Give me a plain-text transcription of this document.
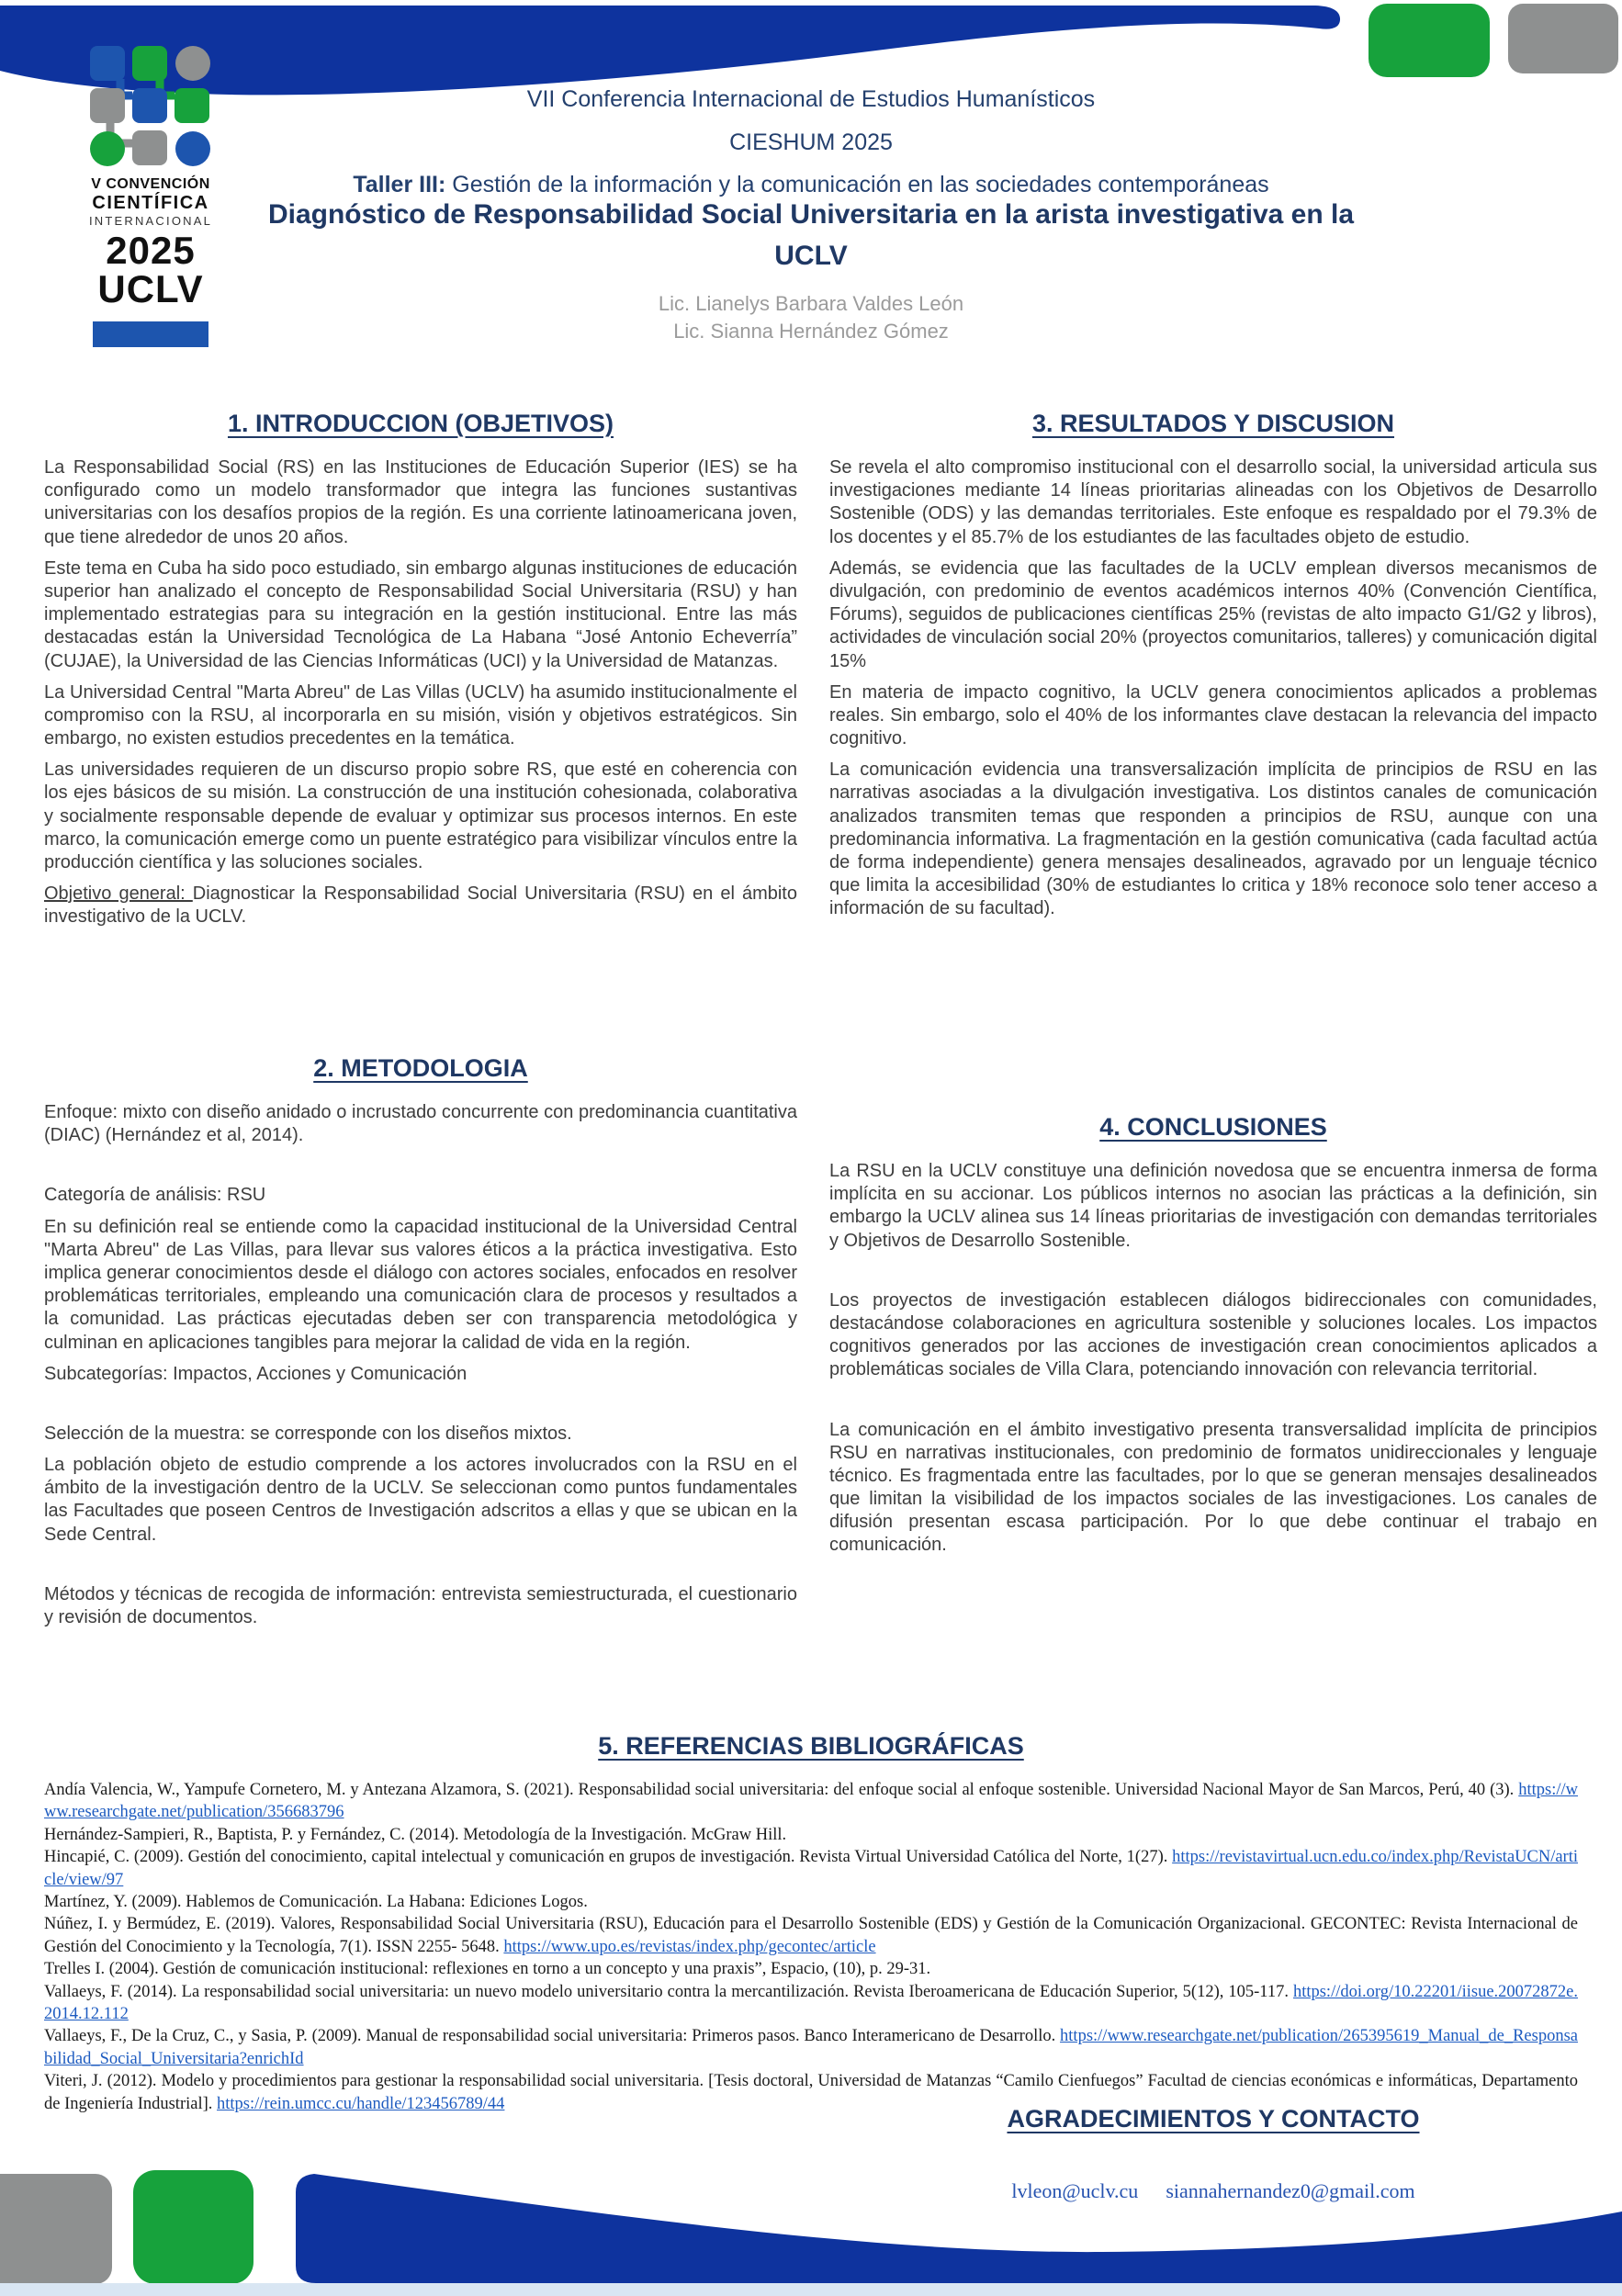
V CONVENCIÓN
CIENTÍFICA
INTERNACIONAL
2025
UCLV
VII Conferencia Internacional de Estudios Humanísticos
CIESHUM 2025
Taller III: Gestión de la información y la comunicación en las sociedades contemporáneas
Diagnóstico de Responsabilidad Social Universitaria en la arista investigativa en la
UCLV
Lic. Lianelys Barbara Valdes León
Lic. Sianna Hernández Gómez
1. INTRODUCCION (OBJETIVOS)

La Responsabilidad Social (RS) en las Instituciones de Educación Superior (IES) se ha configurado como un modelo transformador que integra las funciones sustantivas universitarias con los desafíos propios de la región. Es una corriente latinoamericana joven, que tiene alrededor de unos 20 años.

Este tema en Cuba ha sido poco estudiado, sin embargo algunas instituciones de educación superior han analizado el concepto de Responsabilidad Social Universitaria (RSU) y han implementado estrategias para su integración en la gestión institucional. Entre las más destacadas están la Universidad Tecnológica de La Habana “José Antonio Echeverría” (CUJAE), la Universidad de las Ciencias Informáticas (UCI) y la Universidad de Matanzas.

La Universidad Central "Marta Abreu" de Las Villas (UCLV) ha asumido institucionalmente el compromiso con la RSU, al incorporarla en su misión, visión y objetivos estratégicos. Sin embargo, no existen estudios precedentes en la temática.

Las universidades requieren de un discurso propio sobre RS, que esté en coherencia con los ejes básicos de su misión. La construcción de una institución cohesionada, colaborativa y socialmente responsable depende de evaluar y optimizar sus procesos internos. En este marco, la comunicación emerge como un puente estratégico para visibilizar vínculos entre la producción científica y las soluciones sociales.

Objetivo general: Diagnosticar la Responsabilidad Social Universitaria (RSU) en el ámbito investigativo de la UCLV.

3. RESULTADOS Y DISCUSION

Se revela el alto compromiso institucional con el desarrollo social, la universidad articula sus investigaciones mediante 14 líneas prioritarias alineadas con los Objetivos de Desarrollo Sostenible (ODS) y las demandas territoriales. Este enfoque es respaldado por el 79.3% de los docentes y el 85.7% de los estudiantes de las facultades objeto de estudio.

Además, se evidencia que las facultades de la UCLV emplean diversos mecanismos de divulgación, con predominio de eventos académicos internos 40% (Convención Científica, Fórums), seguidos de publicaciones científicas 25% (revistas de alto impacto G1/G2 y libros), actividades de vinculación social 20% (proyectos comunitarios, talleres) y comunicación digital 15%

En materia de impacto cognitivo, la UCLV genera conocimientos aplicados a problemas reales. Sin embargo, solo el 40% de los informantes clave destacan la relevancia del impacto cognitivo.

La comunicación evidencia una transversalización implícita de principios de RSU en las narrativas asociadas a la divulgación investigativa. Los distintos canales de comunicación analizados transmiten temas que responden a principios de RSU, aunque con una predominancia informativa. La fragmentación en la gestión comunicativa (cada facultad actúa de forma independiente) genera mensajes desalineados, agravado por un lenguaje técnico que limita la accesibilidad (30% de estudiantes lo critica y 18% reconoce solo tener acceso a información de su facultad).

2. METODOLOGIA

Enfoque: mixto con diseño anidado o incrustado concurrente con predominancia cuantitativa (DIAC) (Hernández et al, 2014).

Categoría de análisis: RSU

En su definición real se entiende como la capacidad institucional de la Universidad Central "Marta Abreu" de Las Villas, para llevar sus valores éticos a la práctica investigativa. Esto implica generar conocimientos desde el diálogo con actores sociales, enfocados en resolver problemáticas territoriales, empleando una comunicación clara de procesos y resultados a la comunidad. Las prácticas ejecutadas deben ser con transparencia metodológica y culminan en aplicaciones tangibles para mejorar la calidad de vida en la región.

Subcategorías: Impactos, Acciones y Comunicación

Selección de la muestra: se corresponde con los diseños mixtos.

La población objeto de estudio comprende a los actores involucrados con la RSU en el ámbito de la investigación dentro de la UCLV. Se seleccionan como puntos fundamentales las Facultades que poseen Centros de Investigación adscritos a ellas y que se ubican en la Sede Central.

Métodos y técnicas de recogida de información: entrevista semiestructurada, el cuestionario y revisión de documentos.

4. CONCLUSIONES

La RSU en la UCLV constituye una definición novedosa que se encuentra inmersa de forma implícita en su accionar. Los públicos internos no asocian las prácticas a la definición, sin embargo la UCLV alinea sus 14 líneas prioritarias de investigación con demandas territoriales y Objetivos de Desarrollo Sostenible.

Los proyectos de investigación establecen diálogos bidireccionales con comunidades, destacándose colaboraciones en agricultura sostenible y soluciones locales. Los impactos cognitivos generados por las acciones de investigación crean conocimientos aplicados a problemáticas sociales de Villa Clara, potenciando innovación con relevancia territorial.

La comunicación en el ámbito investigativo presenta transversalidad implícita de principios RSU en narrativas institucionales, con predominio de formatos unidireccionales y lenguaje técnico. Es fragmentada entre las facultades, por lo que se generan mensajes desalineados que limitan la visibilidad de los impactos sociales de las investigaciones. Los canales de difusión presentan escasa participación. Por lo que debe continuar el trabajo en comunicación.

5. REFERENCIAS BIBLIOGRÁFICAS

Andía Valencia, W., Yampufe Cornetero, M. y Antezana Alzamora, S. (2021). Responsabilidad social universitaria: del enfoque social al enfoque sostenible. Universidad Nacional Mayor de San Marcos, Perú, 40 (3). https://www.researchgate.net/publication/356683796

Hernández-Sampieri, R., Baptista, P. y Fernández, C. (2014). Metodología de la Investigación. McGraw Hill.

Hincapié, C. (2009). Gestión del conocimiento, capital intelectual y comunicación en grupos de investigación. Revista Virtual Universidad Católica del Norte, 1(27). https://revistavirtual.ucn.edu.co/index.php/RevistaUCN/article/view/97

Martínez, Y. (2009). Hablemos de Comunicación. La Habana: Ediciones Logos.

Núñez, I. y Bermúdez, E. (2019). Valores, Responsabilidad Social Universitaria (RSU), Educación para el Desarrollo Sostenible (EDS) y Gestión de la Comunicación Organizacional. GECONTEC: Revista Internacional de Gestión del Conocimiento y la Tecnología, 7(1). ISSN 2255- 5648. https://www.upo.es/revistas/index.php/gecontec/article

Trelles I. (2004). Gestión de comunicación institucional: reflexiones en torno a un concepto y una praxis”, Espacio, (10), p. 29-31.

Vallaeys, F. (2014). La responsabilidad social universitaria: un nuevo modelo universitario contra la mercantilización. Revista Iberoamericana de Educación Superior, 5(12), 105-117. https://doi.org/10.22201/iisue.20072872e.2014.12.112

Vallaeys, F., De la Cruz, C., y Sasia, P. (2009). Manual de responsabilidad social universitaria: Primeros pasos. Banco Interamericano de Desarrollo. https://www.researchgate.net/publication/265395619_Manual_de_Responsabilidad_Social_Universitaria?enrichId

Viteri, J. (2012). Modelo y procedimientos para gestionar la responsabilidad social universitaria. [Tesis doctoral, Universidad de Matanzas “Camilo Cienfuegos” Facultad de ciencias económicas e informáticas, Departamento de Ingeniería Industrial]. https://rein.umcc.cu/handle/123456789/44

AGRADECIMIENTOS Y CONTACTO
lvleon@uclv.cu siannahernandez0@gmail.com
